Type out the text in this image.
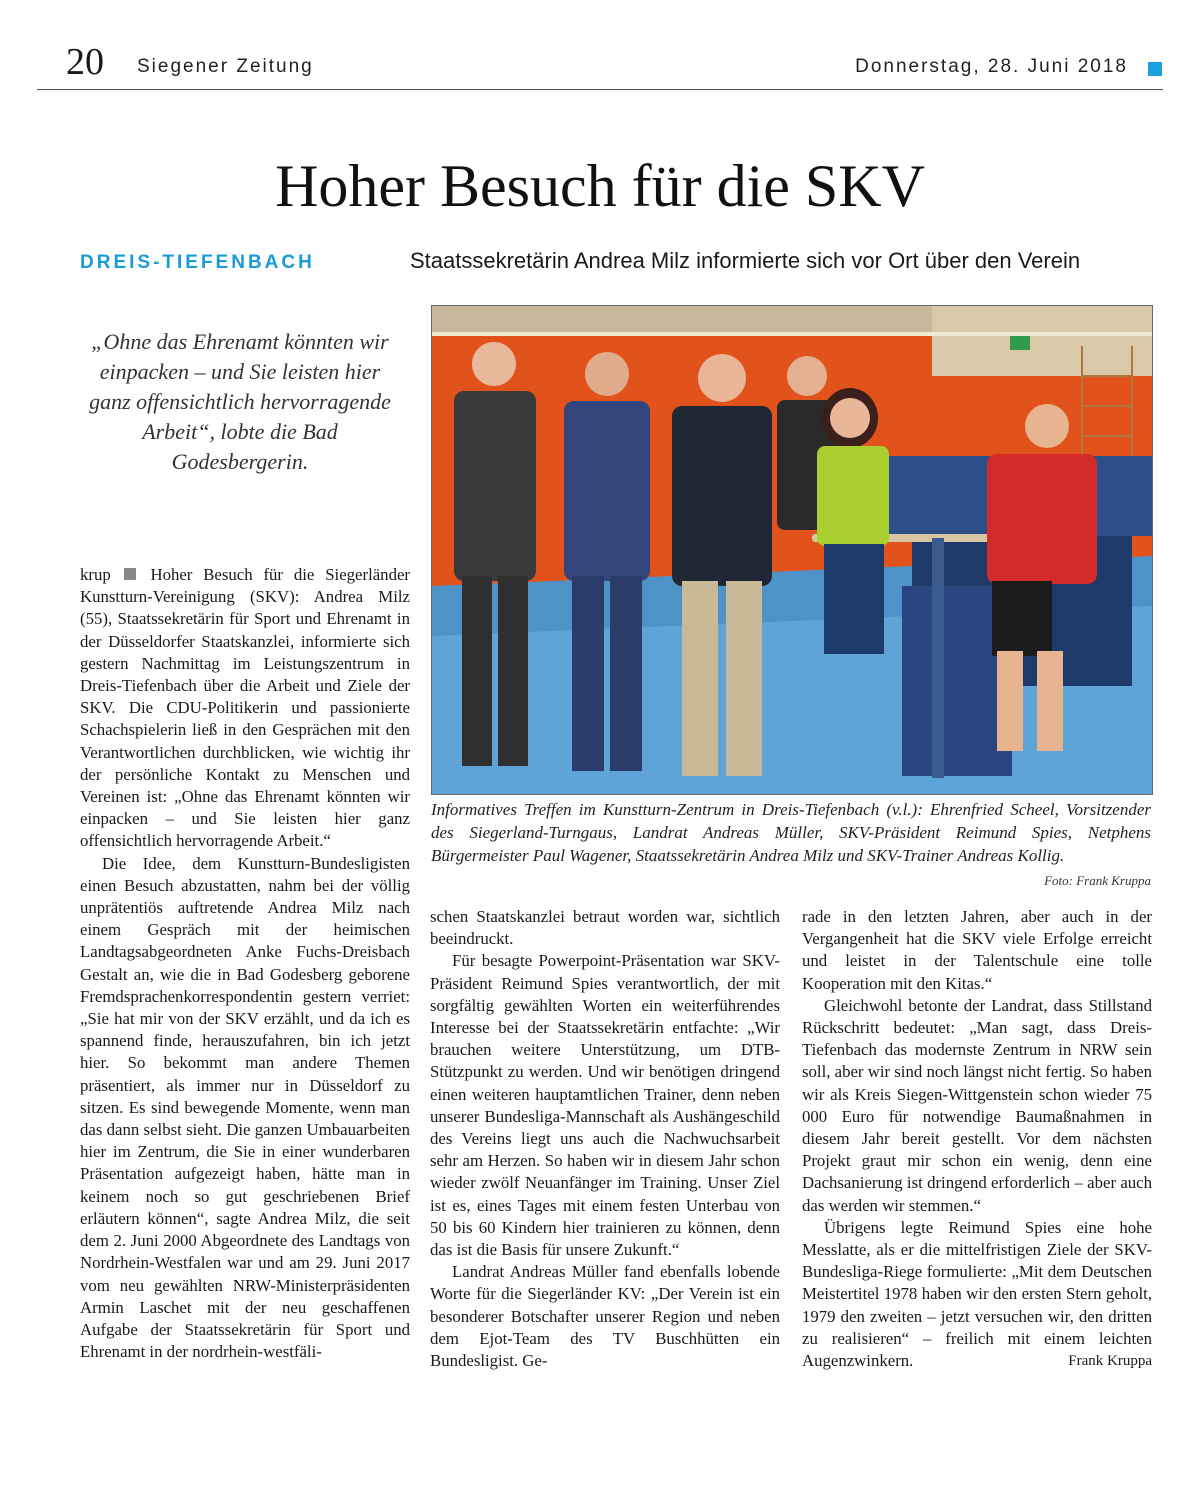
20 Siegener Zeitung	Donnerstag, 28. Juni 2018
Hoher Besuch für die SKV
DREIS-TIEFENBACH	Staatssekretärin Andrea Milz informierte sich vor Ort über den Verein
„Ohne das Ehrenamt könnten wir einpacken – und Sie leisten hier ganz offensichtlich hervorragende Arbeit“, lobte die Bad Godesbergerin.
Informatives Treffen im Kunstturn-Zentrum in Dreis-Tiefenbach (v.l.): Ehrenfried Scheel, Vorsitzender des Siegerland-Turngaus, Landrat Andreas Müller, SKV-Präsident Reimund Spies, Netphens Bürgermeister Paul Wagener, Staatssekretärin Andrea Milz und SKV-Trainer Andreas Kollig.
Foto: Frank Kruppa

krup Hoher Besuch für die Siegerländer Kunstturn-Vereinigung (SKV): Andrea Milz (55), Staatssekretärin für Sport und Ehrenamt in der Düsseldorfer Staatskanzlei, informierte sich gestern Nachmittag im Leistungszentrum in Dreis-Tiefenbach über die Arbeit und Ziele der SKV. Die CDU-Politikerin und passionierte Schachspielerin ließ in den Gesprächen mit den Verantwortlichen durchblicken, wie wichtig ihr der persönliche Kontakt zu Menschen und Vereinen ist: „Ohne das Ehrenamt könnten wir einpacken – und Sie leisten hier ganz offensichtlich hervorragende Arbeit.“

Die Idee, dem Kunstturn-Bundesligisten einen Besuch abzustatten, nahm bei der völlig unprätentiös auftretende Andrea Milz nach einem Gespräch mit der heimischen Landtagsabgeordneten Anke Fuchs-Dreisbach Gestalt an, wie die in Bad Godesberg geborene Fremdsprachenkorrespondentin gestern verriet: „Sie hat mir von der SKV erzählt, und da ich es spannend finde, herauszufahren, bin ich jetzt hier. So bekommt man andere Themen präsentiert, als immer nur in Düsseldorf zu sitzen. Es sind bewegende Momente, wenn man das dann selbst sieht. Die ganzen Umbauarbeiten hier im Zentrum, die Sie in einer wunderbaren Präsentation aufgezeigt haben, hätte man in keinem noch so gut geschriebenen Brief erläutern können“, sagte Andrea Milz, die seit dem 2. Juni 2000 Abgeordnete des Landtags von Nordrhein-Westfalen war und am 29. Juni 2017 vom neu gewählten NRW-Ministerpräsidenten Armin Laschet mit der neu geschaffenen Aufgabe der Staatssekretärin für Sport und Ehrenamt in der nordrhein-westfäli-

schen Staatskanzlei betraut worden war, sichtlich beeindruckt.

Für besagte Powerpoint-Präsentation war SKV-Präsident Reimund Spies verantwortlich, der mit sorgfältig gewählten Worten ein weiterführendes Interesse bei der Staatssekretärin entfachte: „Wir brauchen weitere Unterstützung, um DTB-Stützpunkt zu werden. Und wir benötigen dringend einen weiteren hauptamtlichen Trainer, denn neben unserer Bundesliga-Mannschaft als Aushängeschild des Vereins liegt uns auch die Nachwuchsarbeit sehr am Herzen. So haben wir in diesem Jahr schon wieder zwölf Neuanfänger im Training. Unser Ziel ist es, eines Tages mit einem festen Unterbau von 50 bis 60 Kindern hier trainieren zu können, denn das ist die Basis für unsere Zukunft.“

Landrat Andreas Müller fand ebenfalls lobende Worte für die Siegerländer KV: „Der Verein ist ein besonderer Botschafter unserer Region und neben dem Ejot-Team des TV Buschhütten ein Bundesligist. Ge-

rade in den letzten Jahren, aber auch in der Vergangenheit hat die SKV viele Erfolge erreicht und leistet in der Talentschule eine tolle Kooperation mit den Kitas.“

Gleichwohl betonte der Landrat, dass Stillstand Rückschritt bedeutet: „Man sagt, dass Dreis-Tiefenbach das modernste Zentrum in NRW sein soll, aber wir sind noch längst nicht fertig. So haben wir als Kreis Siegen-Wittgenstein schon wieder 75 000 Euro für notwendige Baumaßnahmen in diesem Jahr bereit gestellt. Vor dem nächsten Projekt graut mir schon ein wenig, denn eine Dachsanierung ist dringend erforderlich – aber auch das werden wir stemmen.“

Übrigens legte Reimund Spies eine hohe Messlatte, als er die mittelfristigen Ziele der SKV-Bundesliga-Riege formulierte: „Mit dem Deutschen Meistertitel 1978 haben wir den ersten Stern geholt, 1979 den zweiten – jetzt versuchen wir, den dritten zu realisieren“ – freilich mit einem leichten Augenzwinkern.	Frank Kruppa
